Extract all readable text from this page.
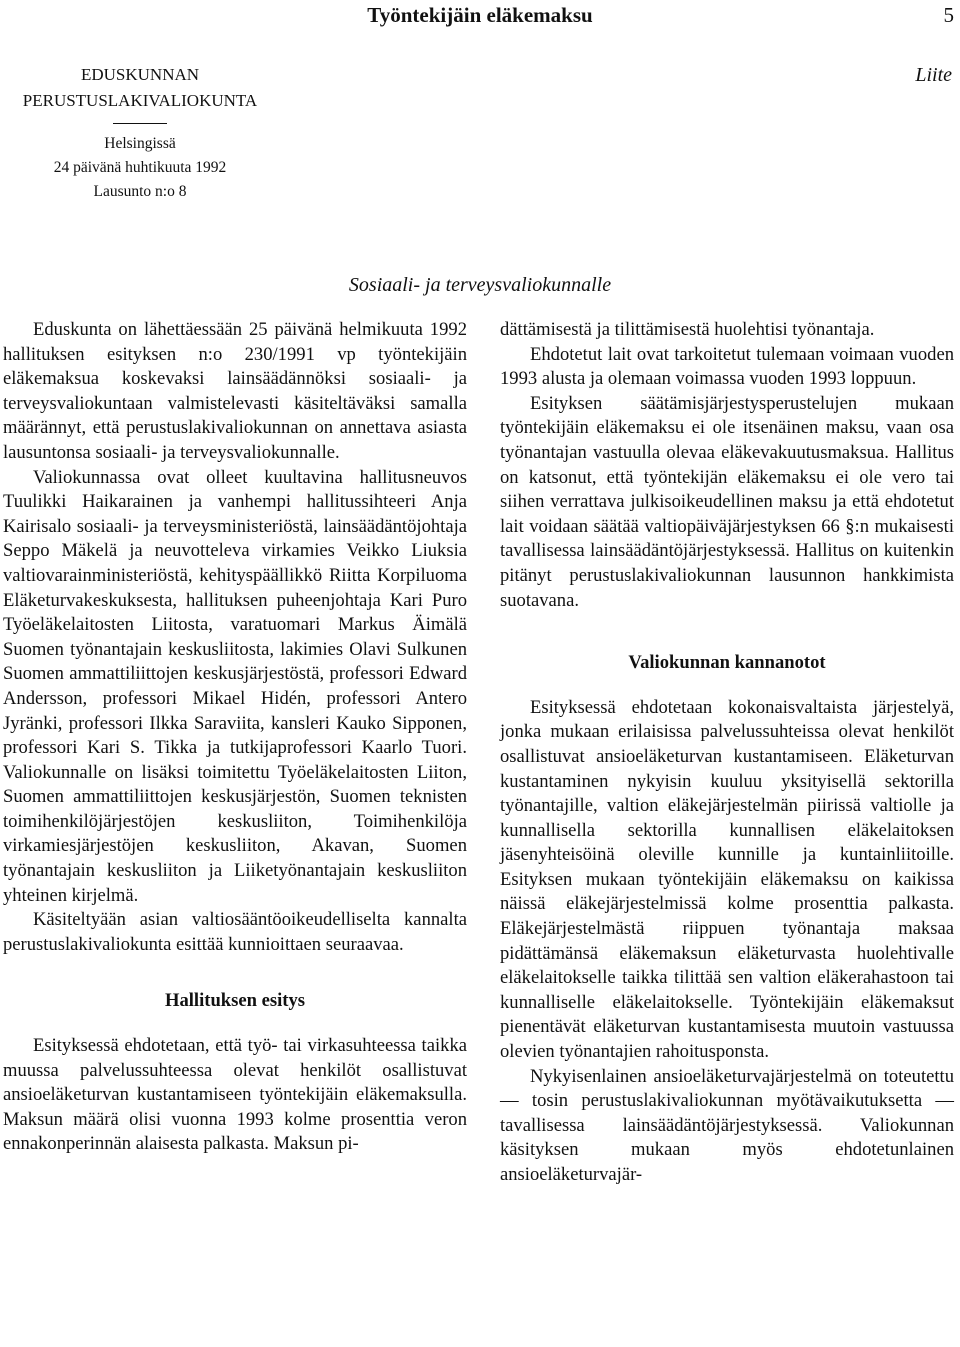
Työntekijäin eläkemaksu	5
EDUSKUNNAN
PERUSTUSLAKIVALIOKUNTA
Helsingissä
24 päivänä huhtikuuta 1992
Lausunto n:o 8
Liite
Sosiaali- ja terveysvaliokunnalle

Eduskunta on lähettäessään 25 päivänä helmikuuta 1992 hallituksen esityksen n:o 230/1991 vp työntekijäin eläkemaksua koskevaksi lainsäädännöksi sosiaali- ja terveysvaliokuntaan valmistelevasti käsiteltäväksi samalla määrännyt, että perustuslakivaliokunnan on annettava asiasta lausuntonsa sosiaali- ja terveysvaliokunnalle.

Valiokunnassa ovat olleet kuultavina hallitusneuvos Tuulikki Haikarainen ja vanhempi hallitussihteeri Anja Kairisalo sosiaali- ja terveysministeriöstä, lainsäädäntöjohtaja Seppo Mäkelä ja neuvotteleva virkamies Veikko Liuksia valtiovarainministeriöstä, kehityspäällikkö Riitta Korpiluoma Eläketurvakeskuksesta, hallituksen puheenjohtaja Kari Puro Työeläkelaitosten Liitosta, varatuomari Markus Äimälä Suomen työnantajain keskusliitosta, lakimies Olavi Sulkunen Suomen ammattiliittojen keskusjärjestöstä, professori Edward Andersson, professori Mikael Hidén, professori Antero Jyränki, professori Ilkka Saraviita, kansleri Kauko Sipponen, professori Kari S. Tikka ja tutkijaprofessori Kaarlo Tuori. Valiokunnalle on lisäksi toimitettu Työeläkelaitosten Liiton, Suomen ammattiliittojen keskusjärjestön, Suomen teknisten toimihenkilöjärjestöjen keskusliiton, Toimihenkilöja virkamiesjärjestöjen keskusliiton, Akavan, Suomen työnantajain keskusliiton ja Liiketyönantajain keskusliiton yhteinen kirjelmä.

Käsiteltyään asian valtiosääntöoikeudelliselta kannalta perustuslakivaliokunta esittää kunnioittaen seuraavaa.

Hallituksen esitys

Esityksessä ehdotetaan, että työ- tai virkasuhteessa taikka muussa palvelussuhteessa olevat henkilöt osallistuvat ansioeläketurvan kustantamiseen työntekijäin eläkemaksulla. Maksun määrä olisi vuonna 1993 kolme prosenttia veron ennakonperinnän alaisesta palkasta. Maksun pi-

dättämisestä ja tilittämisestä huolehtisi työnantaja.

Ehdotetut lait ovat tarkoitetut tulemaan voimaan vuoden 1993 alusta ja olemaan voimassa vuoden 1993 loppuun.

Esityksen säätämisjärjestysperustelujen mukaan työntekijäin eläkemaksu ei ole itsenäinen maksu, vaan osa työnantajan vastuulla olevaa eläkevakuutusmaksua. Hallitus on katsonut, että työntekijän eläkemaksu ei ole vero tai siihen verrattava julkisoikeudellinen maksu ja että ehdotetut lait voidaan säätää valtiopäiväjärjestyksen 66 §:n mukaisesti tavallisessa lainsäädäntöjärjestyksessä. Hallitus on kuitenkin pitänyt perustuslakivaliokunnan lausunnon hankkimista suotavana.

Valiokunnan kannanotot

Esityksessä ehdotetaan kokonaisvaltaista järjestelyä, jonka mukaan erilaisissa palvelussuhteissa olevat henkilöt osallistuvat ansioeläketurvan kustantamiseen. Eläketurvan kustantaminen nykyisin kuuluu yksityisellä sektorilla työnantajille, valtion eläkejärjestelmän piirissä valtiolle ja kunnallisella sektorilla kunnallisen eläkelaitoksen jäsenyhteisöinä oleville kunnille ja kuntainliitoille. Esityksen mukaan työntekijäin eläkemaksu on kaikissa näissä eläkejärjestelmissä kolme prosenttia palkasta. Eläkejärjestelmästä riippuen työnantaja maksaa pidättämänsä eläkemaksun eläketurvasta huolehtivalle eläkelaitokselle taikka tilittää sen valtion eläkerahastoon tai kunnalliselle eläkelaitokselle. Työntekijäin eläkemaksut pienentävät eläketurvan kustantamisesta muutoin vastuussa olevien työnantajien rahoitusponsta.

Nykyisenlainen ansioeläketurvajärjestelmä on toteutettu — tosin perustuslakivaliokunnan myötävaikutuksetta — tavallisessa lainsäädäntöjärjestyksessä. Valiokunnan käsityksen mukaan myös ehdotetunlainen ansioeläketurvajär-
